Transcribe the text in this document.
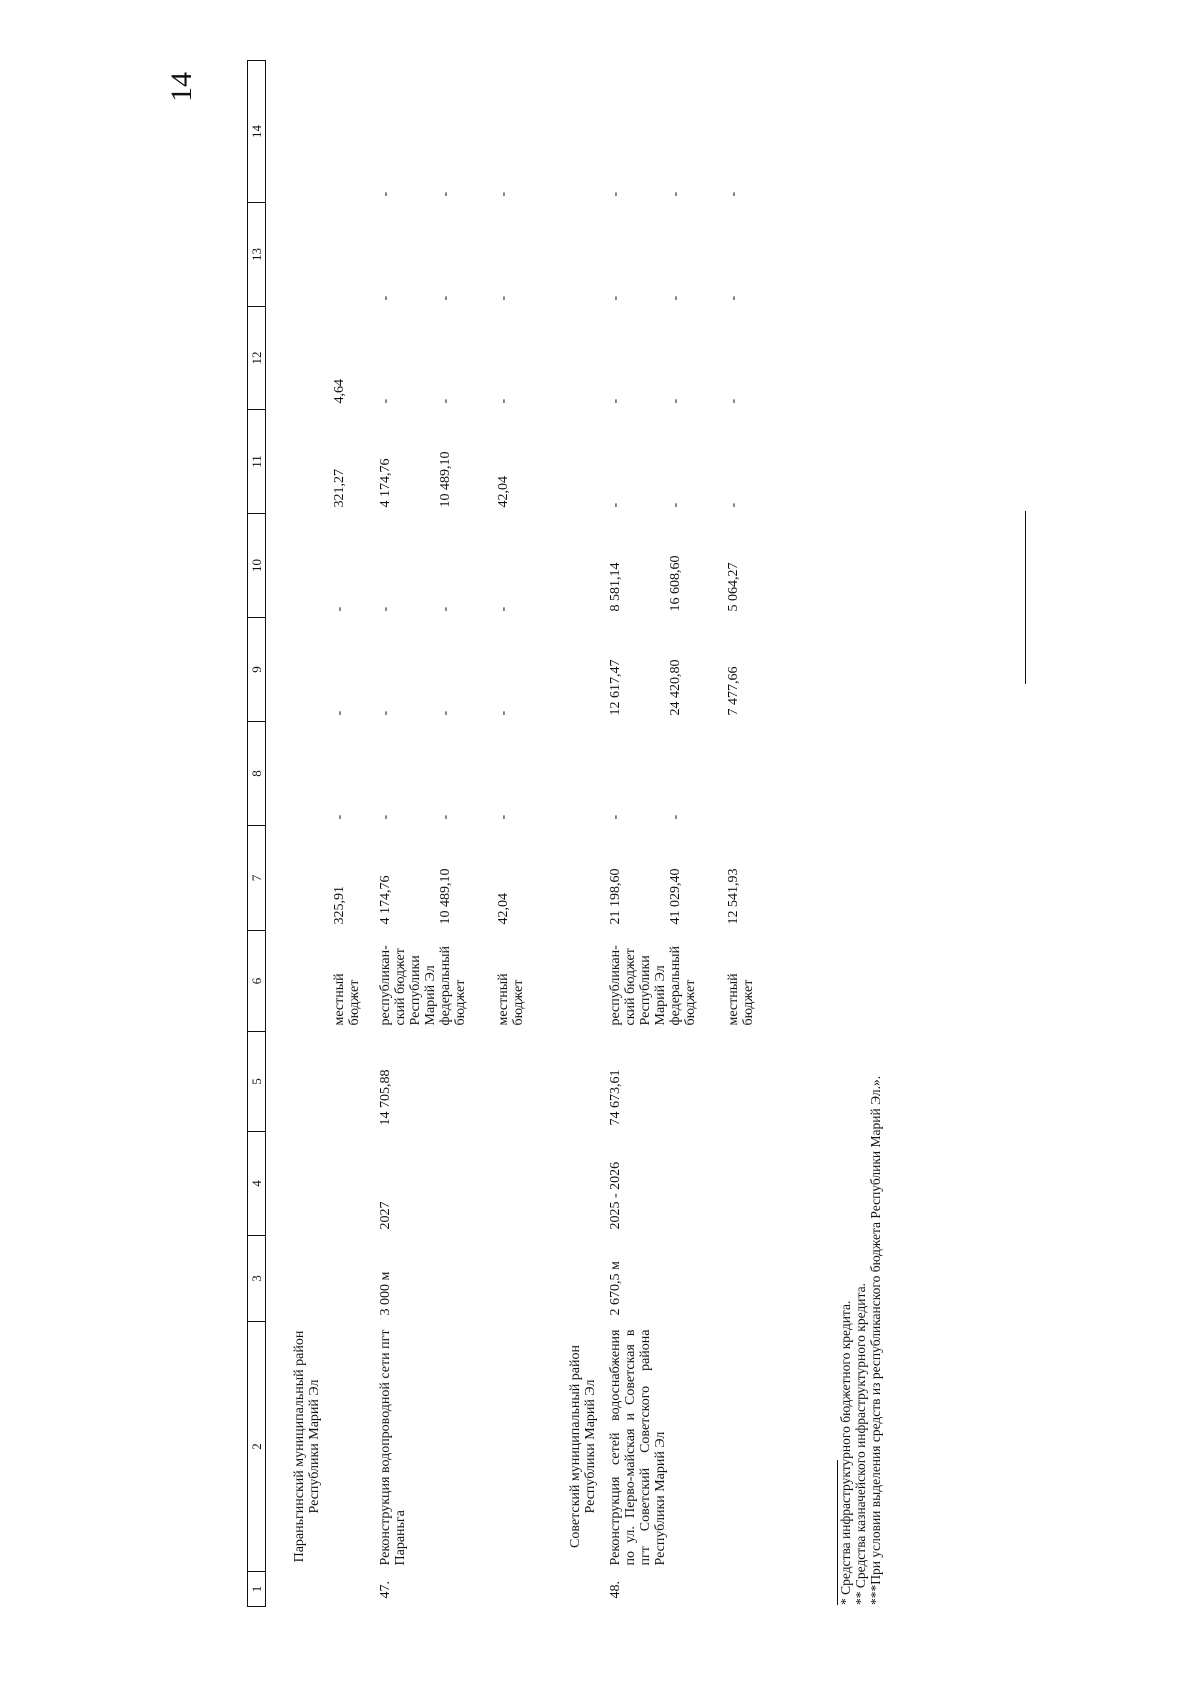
14
1	2	3	4	5	6	7	8	9	10	11	12	13	14
	Параньгинский муниципальный район Республики Марий Эл												
					местный бюджет	325,91	-	-	-	321,27	4,64		
47.	Реконструкция водопроводной сети пгт Параньга	3 000 м	2027	14 705,88	республикан-ский бюджет Республики Марий Эл	4 174,76	-	-	-	4 174,76	-	-	-
					федеральный бюджет	10 489,10	-	-	-	10 489,10	-	-	-
					местный бюджет	42,04	-	-	-	42,04	-	-	-
	Советский муниципальный район Республики Марий Эл												
48.	Реконструкция сетей водоснабжения по ул. Перво-майская и Советская в пгт Советский Советского района Республики Марий Эл	2 670,5 м	2025 - 2026	74 673,61	республикан-ский бюджет Республики Марий Эл	21 198,60	-	12 617,47	8 581,14	-	-	-	-
					федеральный бюджет	41 029,40	-	24 420,80	16 608,60	-	-	-	-
					местный бюджет	12 541,93		7 477,66	5 064,27	-	-	-	-
* Средства инфраструктурного бюджетного кредита. ** Средства казначейского инфраструктурного кредита. ***При условии выделения средств из республиканского бюджета Республики Марий Эл.».
